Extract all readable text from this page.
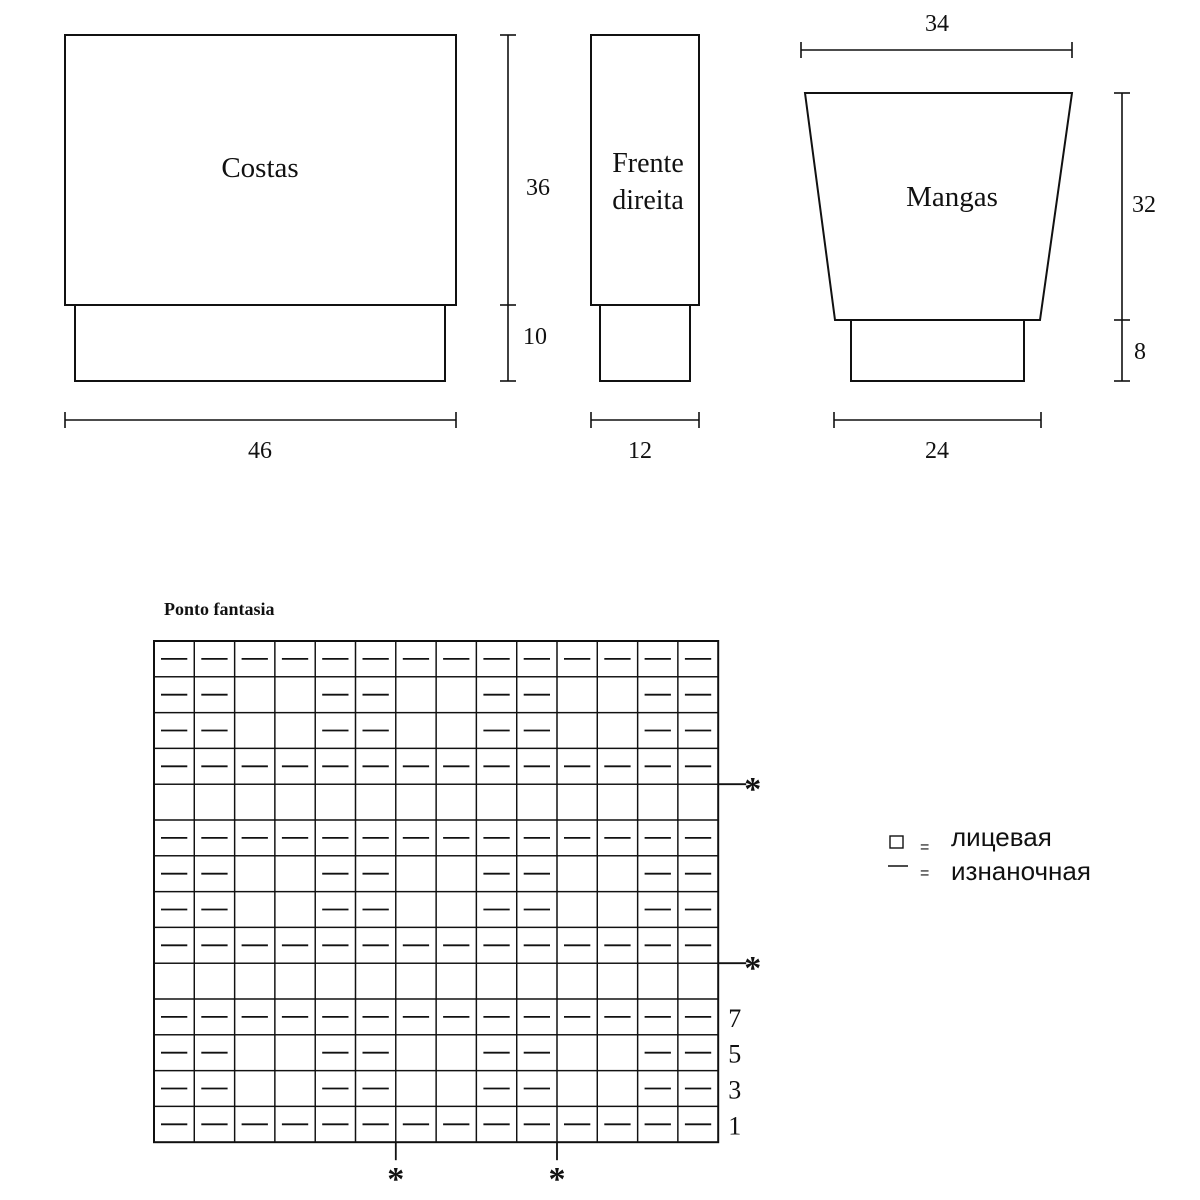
Costas
46
36
10
Frente
direita
12
Mangas
34
24
32
8
Ponto fantasia
7
5
3
1
*
*
*	*
= лицевая
= изнаночная
